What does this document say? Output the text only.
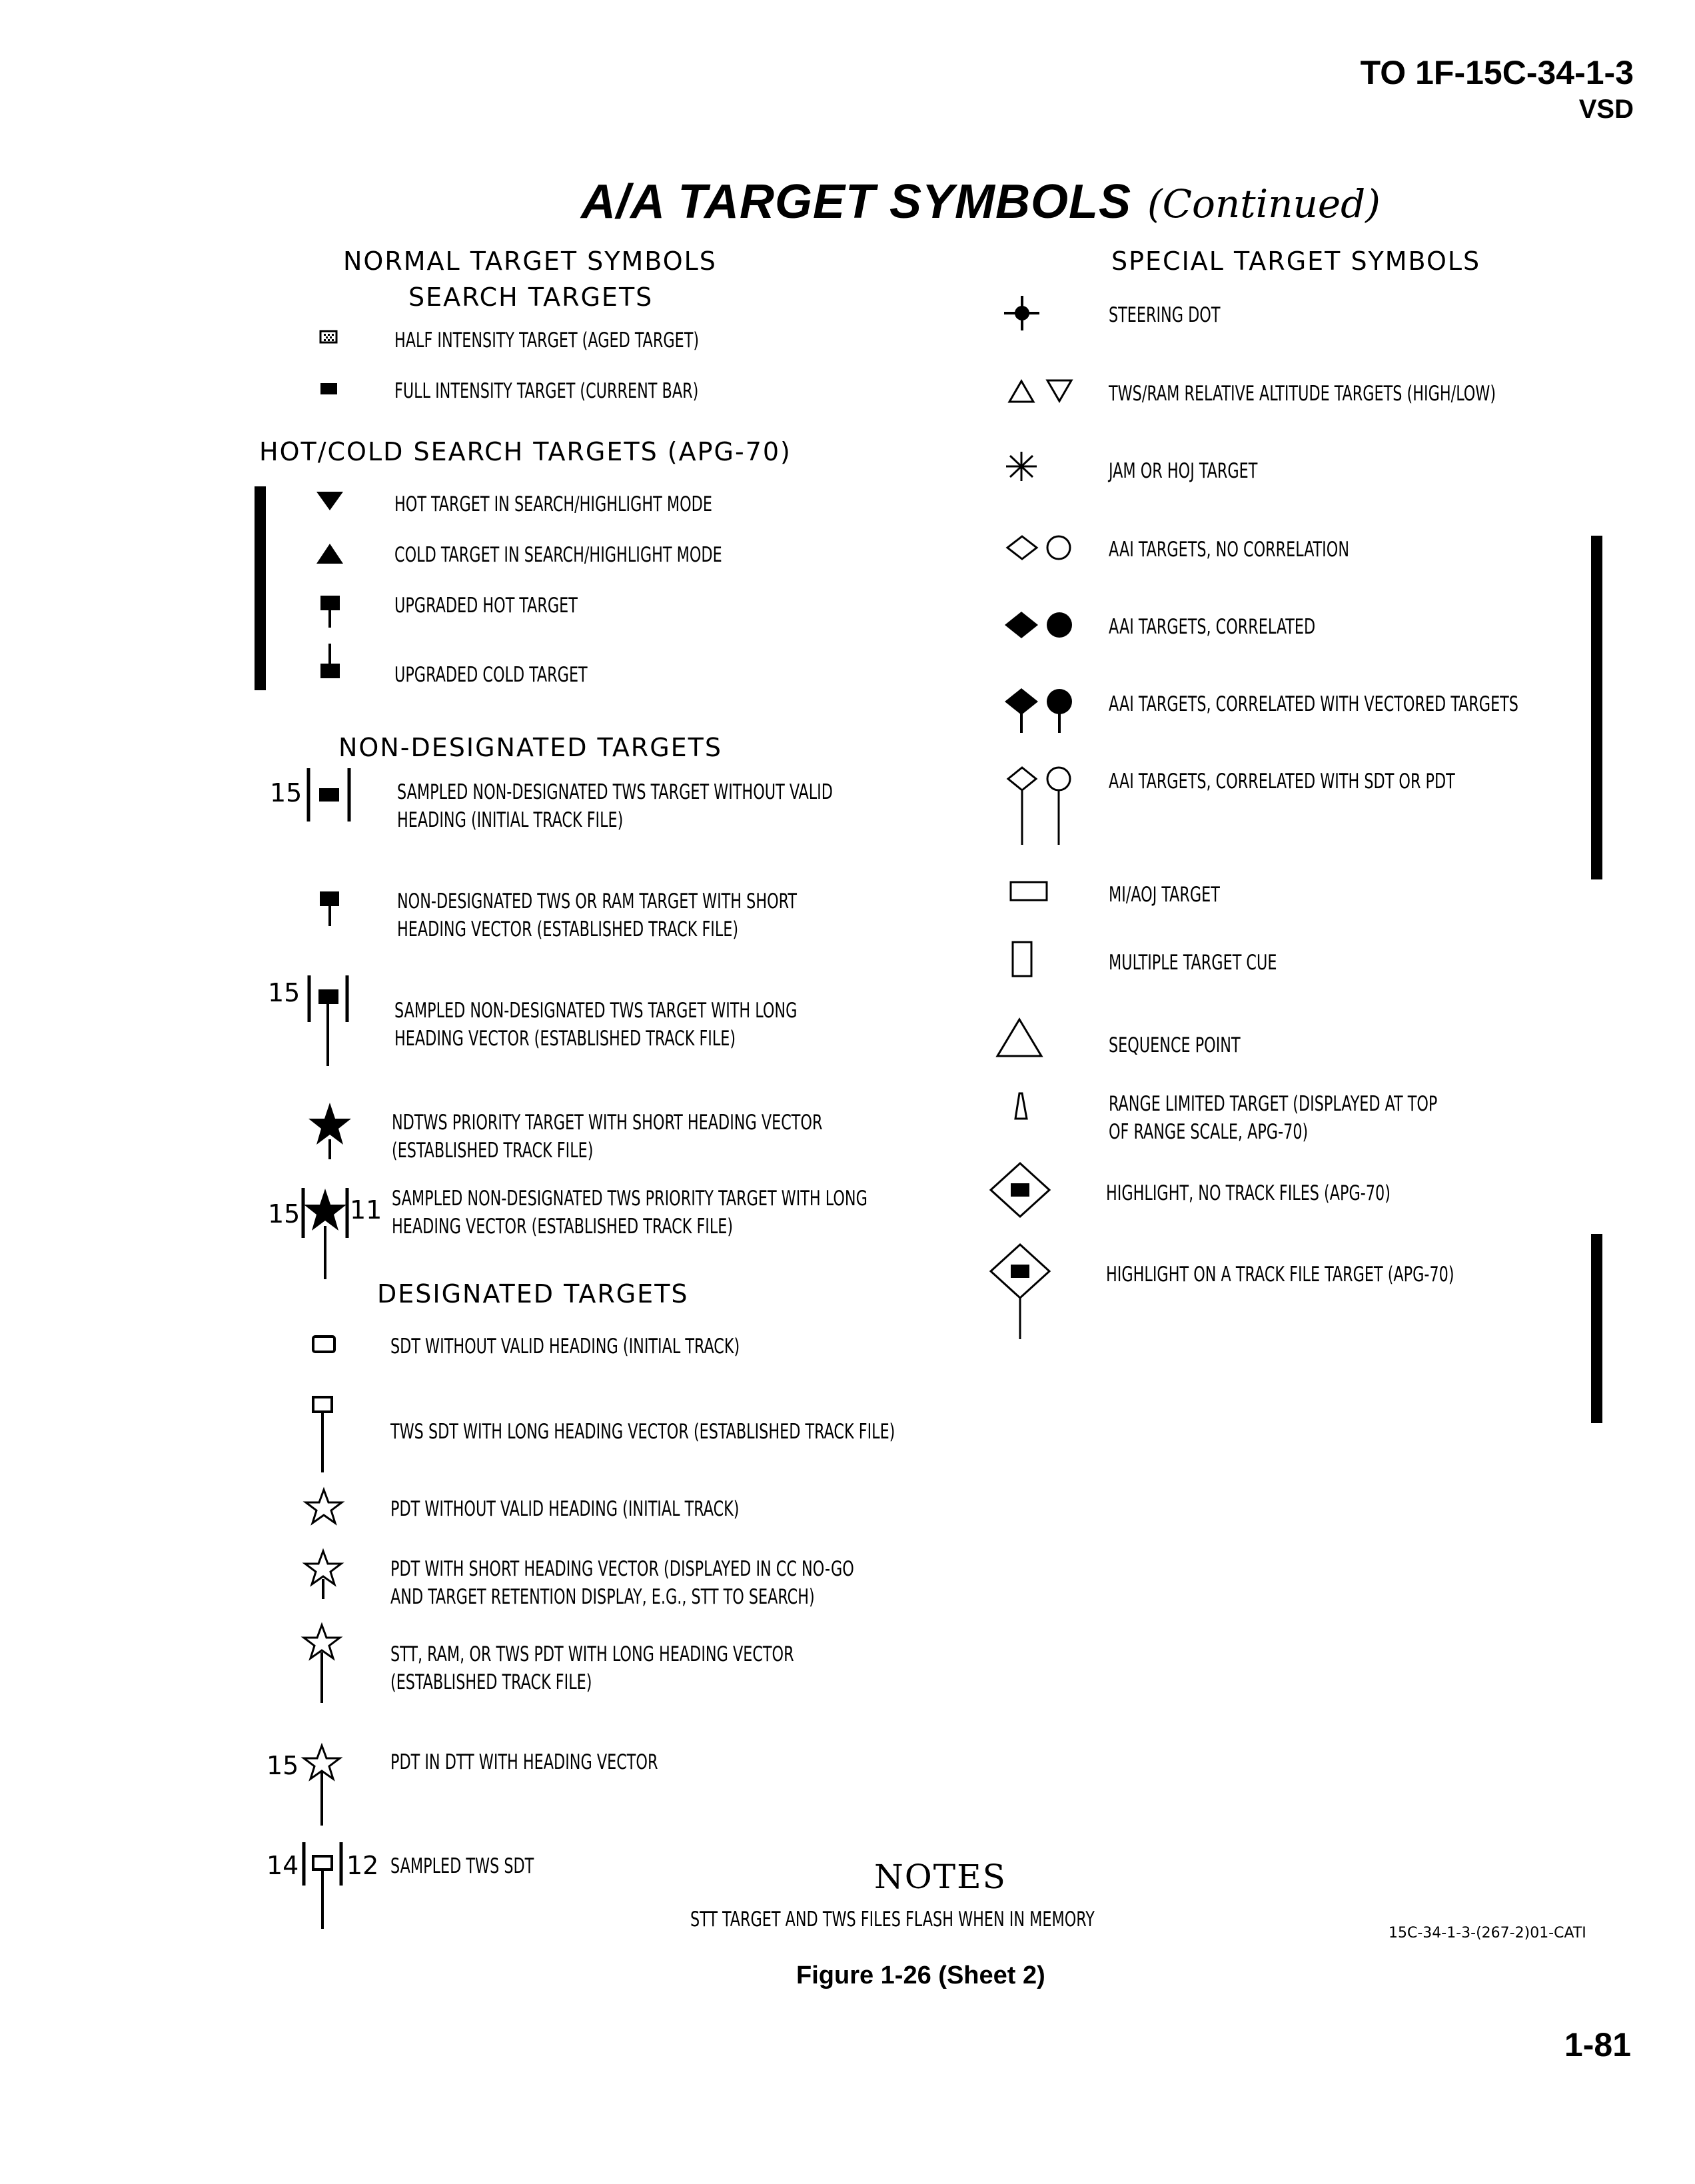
TO 1F-15C-34-1-3
VSD
A/A TARGET SYMBOLS (Continued)
NORMAL TARGET SYMBOLS
SEARCH TARGETS
HALF INTENSITY TARGET (AGED TARGET)
FULL INTENSITY TARGET (CURRENT BAR)
HOT/COLD SEARCH TARGETS (APG-70)
HOT TARGET IN SEARCH/HIGHLIGHT MODE
COLD TARGET IN SEARCH/HIGHLIGHT MODE
UPGRADED HOT TARGET
UPGRADED COLD TARGET
NON-DESIGNATED TARGETS
15	SAMPLED NON-DESIGNATED TWS TARGET WITHOUT VALID
HEADING (INITIAL TRACK FILE)
NON-DESIGNATED TWS OR RAM TARGET WITH SHORT
HEADING VECTOR (ESTABLISHED TRACK FILE)
15
SAMPLED NON-DESIGNATED TWS TARGET WITH LONG
HEADING VECTOR (ESTABLISHED TRACK FILE)
NDTWS PRIORITY TARGET WITH SHORT HEADING VECTOR
(ESTABLISHED TRACK FILE)
15 11 SAMPLED NON-DESIGNATED TWS PRIORITY TARGET WITH LONG
HEADING VECTOR (ESTABLISHED TRACK FILE)
DESIGNATED TARGETS
SDT WITHOUT VALID HEADING (INITIAL TRACK)
TWS SDT WITH LONG HEADING VECTOR (ESTABLISHED TRACK FILE)
PDT WITHOUT VALID HEADING (INITIAL TRACK)
PDT WITH SHORT HEADING VECTOR (DISPLAYED IN CC NO-GO
AND TARGET RETENTION DISPLAY, E.G., STT TO SEARCH)
STT, RAM, OR TWS PDT WITH LONG HEADING VECTOR
(ESTABLISHED TRACK FILE)
15	PDT IN DTT WITH HEADING VECTOR
14 12 SAMPLED TWS SDT
SPECIAL TARGET SYMBOLS
STEERING DOT
TWS/RAM RELATIVE ALTITUDE TARGETS (HIGH/LOW)
JAM OR HOJ TARGET
AAI TARGETS, NO CORRELATION
AAI TARGETS, CORRELATED
AAI TARGETS, CORRELATED WITH VECTORED TARGETS
AAI TARGETS, CORRELATED WITH SDT OR PDT
MI/AOJ TARGET
MULTIPLE TARGET CUE
SEQUENCE POINT
RANGE LIMITED TARGET (DISPLAYED AT TOP
OF RANGE SCALE, APG-70)
HIGHLIGHT, NO TRACK FILES (APG-70)
HIGHLIGHT ON A TRACK FILE TARGET (APG-70)
NOTES
STT TARGET AND TWS FILES FLASH WHEN IN MEMORY
15C-34-1-3-(267-2)01-CATI
Figure 1-26 (Sheet 2)
1-81
